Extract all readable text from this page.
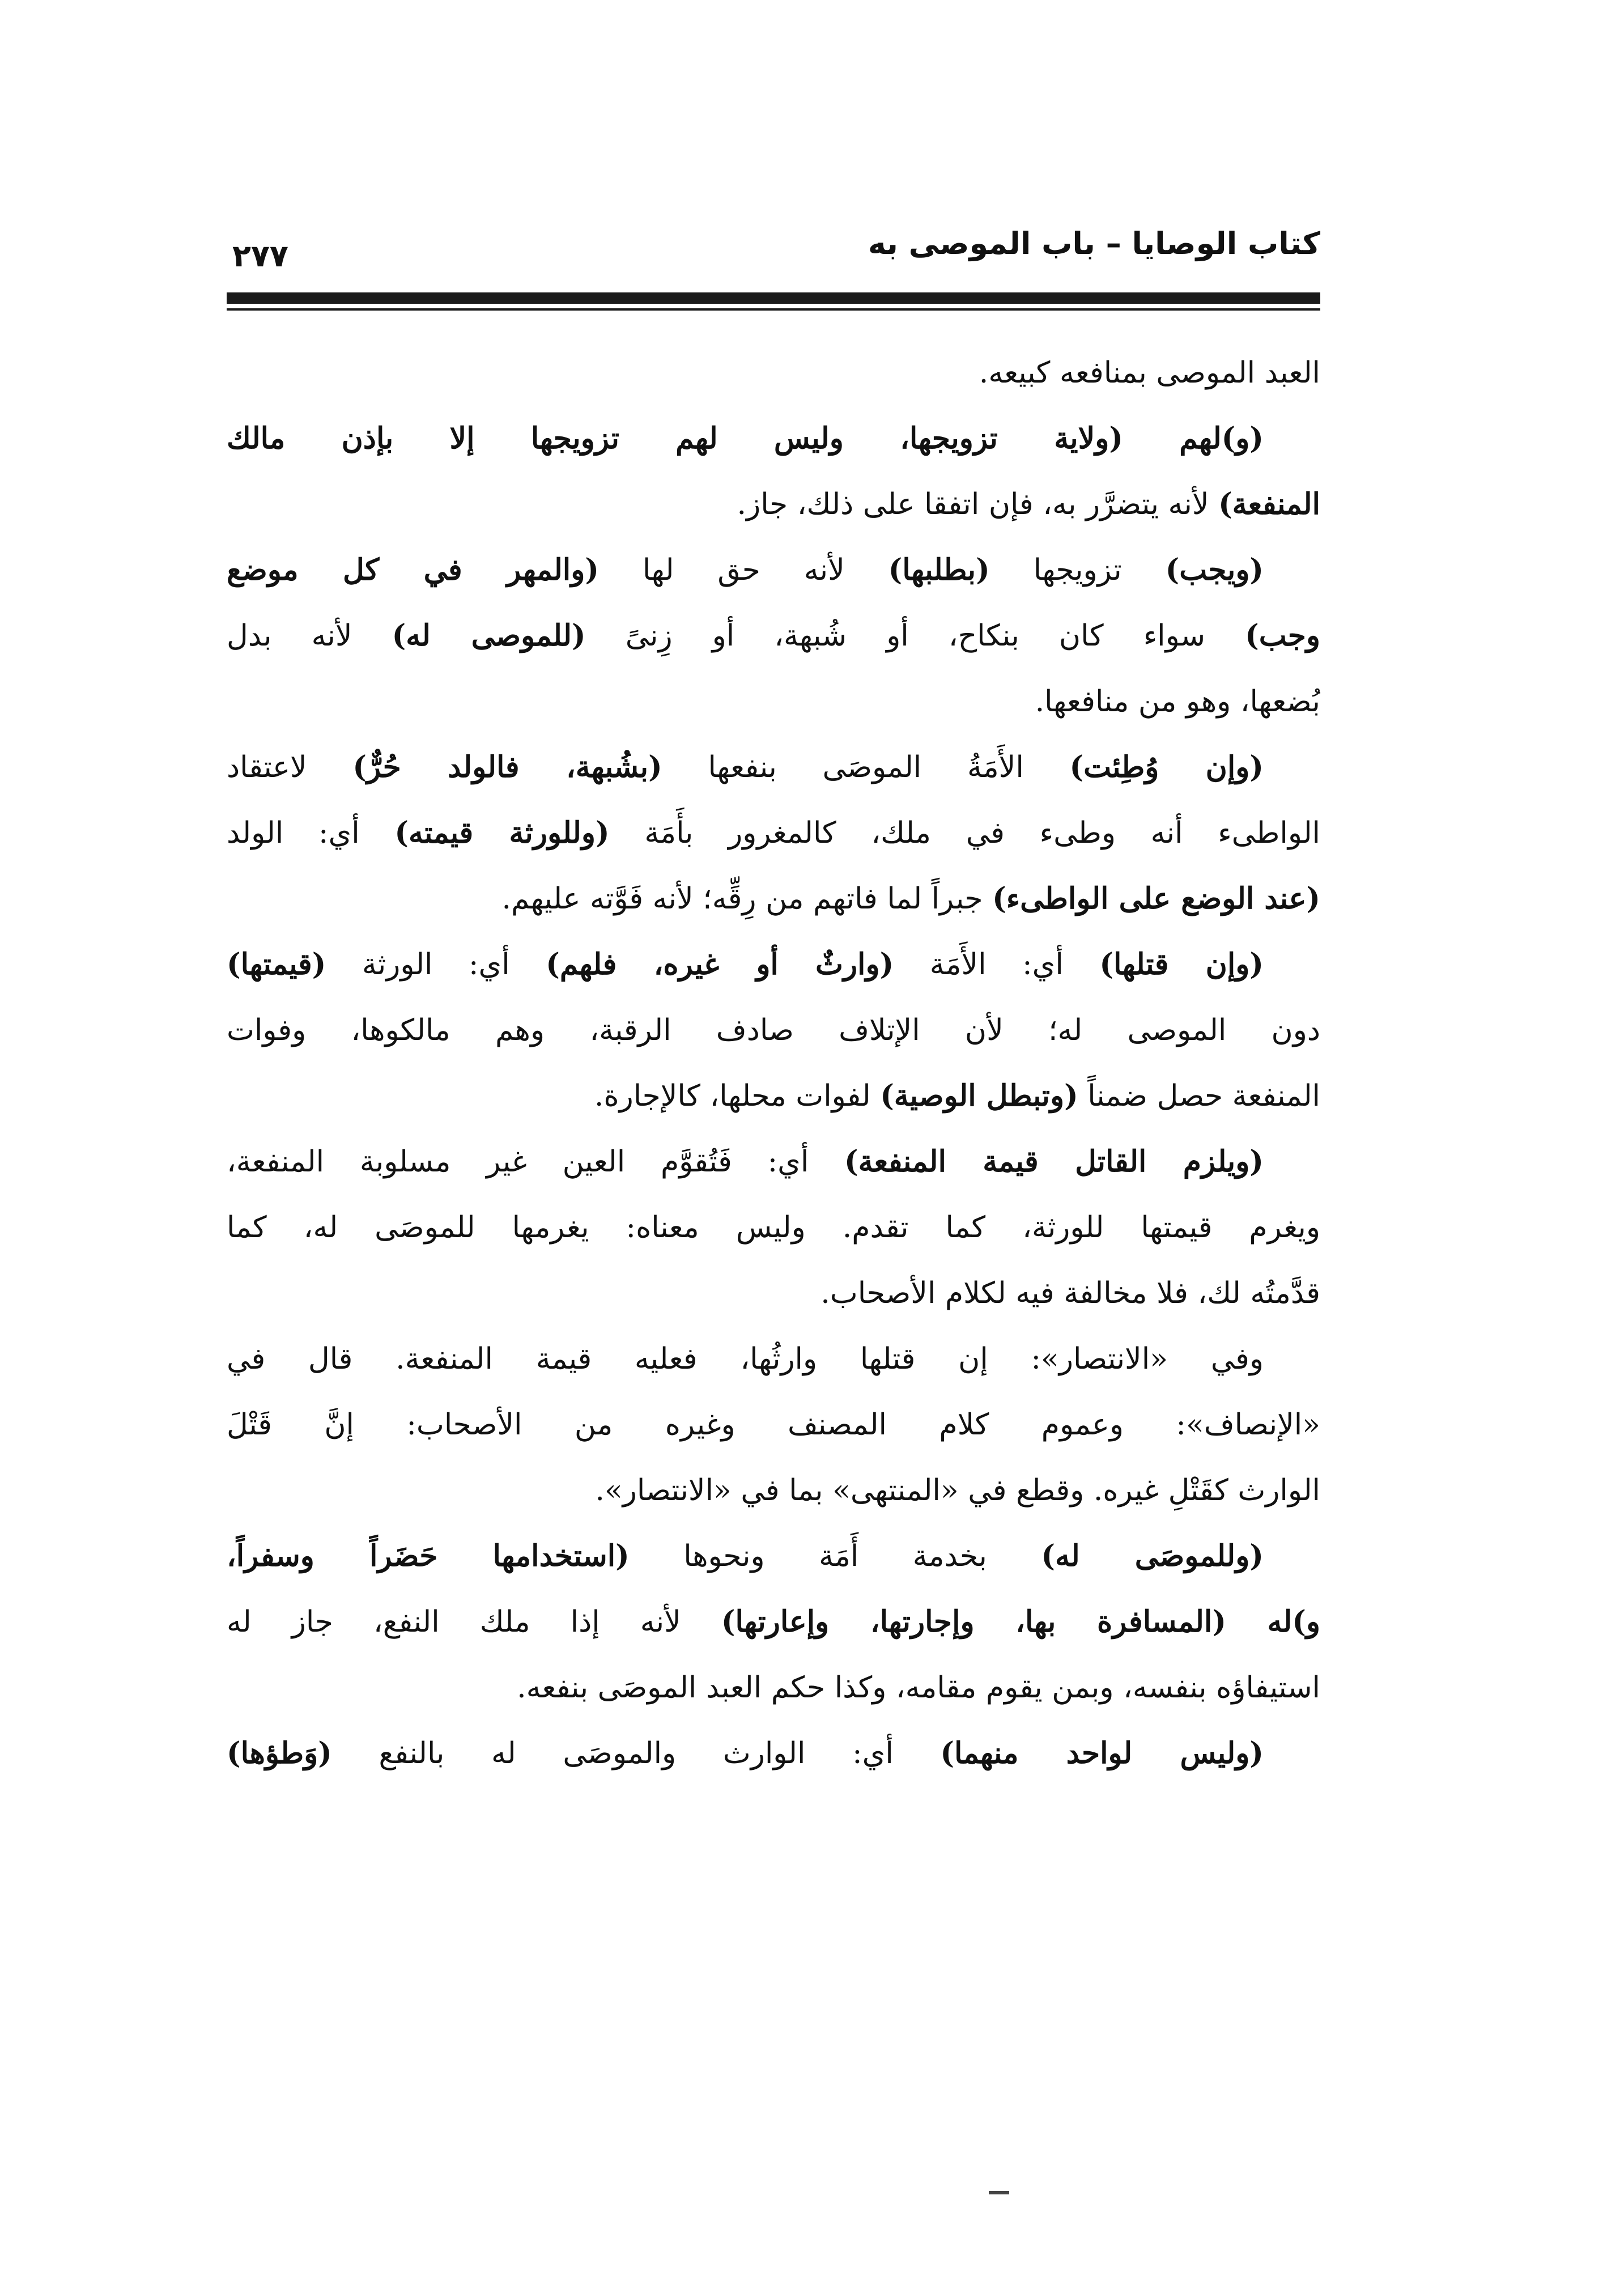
كتاب الوصايا – باب الموصى به
٢٧٧
العبد الموصى بمنافعه كبيعه.
(و)لهم (ولاية تزويجها، وليس لهم تزويجها إلا بإذن مالك
المنفعة) لأنه يتضرَّر به، فإن اتفقا على ذلك، جاز.
(ويجب) تزويجها (بطلبها) لأنه حق لها (والمهر في كل موضع
وجب) سواء كان بنكاح، أو شُبهة، أو زِنىً (للموصى له) لأنه بدل
بُضعها، وهو من منافعها.
(وإن وُطِئت) الأَمَةُ الموصَى بنفعها (بشُبهة، فالولد حُرٌّ) لاعتقاد
الواطىء أنه وطىء في ملك، كالمغرور بأَمَة (وللورثة قيمته) أي: الولد
(عند الوضع على الواطىء) جبراً لما فاتهم من رِقِّه؛ لأنه فَوَّته عليهم.
(وإن قتلها) أي: الأَمَة (وارثٌ أو غيره، فلهم) أي: الورثة (قيمتها)
دون الموصى له؛ لأن الإتلاف صادف الرقبة، وهم مالكوها، وفوات
المنفعة حصل ضمناً (وتبطل الوصية) لفوات محلها، كالإجارة.
(ويلزم القاتل قيمة المنفعة) أي: فَتُقوَّم العين غير مسلوبة المنفعة،
ويغرم قيمتها للورثة، كما تقدم. وليس معناه: يغرمها للموصَى له، كما
قدَّمتُه لك، فلا مخالفة فيه لكلام الأصحاب.
وفي «الانتصار»: إن قتلها وارثُها، فعليه قيمة المنفعة. قال في
«الإنصاف»: وعموم كلام المصنف وغيره من الأصحاب: إنَّ قَتْلَ
الوارث كقَتْلِ غيره. وقطع في «المنتهى» بما في «الانتصار».
(وللموصَى له) بخدمة أَمَة ونحوها (استخدامها حَضَراً وسفراً،
و)له (المسافرة بها، وإجارتها، وإعارتها) لأنه إذا ملك النفع، جاز له
استيفاؤه بنفسه، وبمن يقوم مقامه، وكذا حكم العبد الموصَى بنفعه.
(وليس لواحد منهما) أي: الوارث والموصَى له بالنفع (وَطؤها)
